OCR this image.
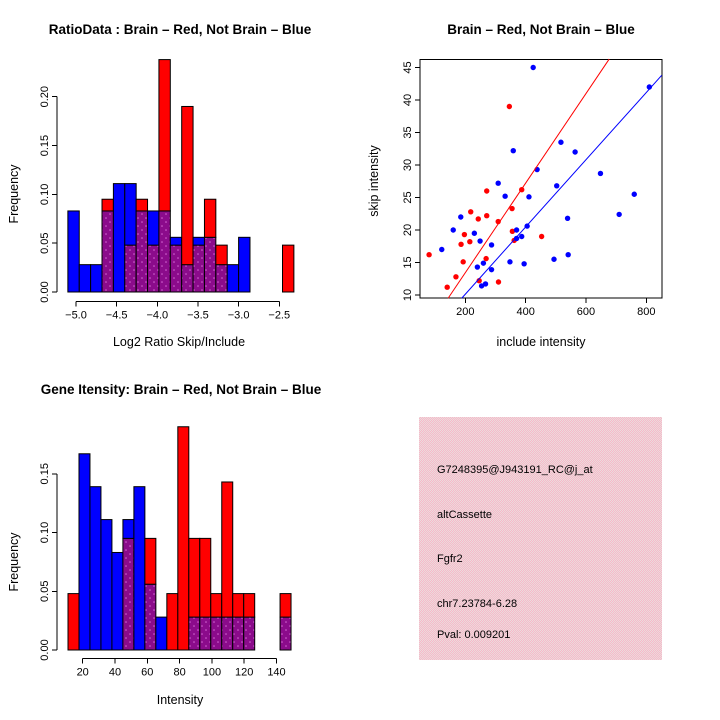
−5.0 −4.5 −4.0 −3.5 −3.0 −2.5
0.00
0.05
0.10
0.15
0.20
200	400	600	800
10
15
20
25
30
35
40
45
20 40 60 80 100 120 140
0.00
0.05
0.10
0.15
RatioData : Brain – Red, Not Brain – Blue	Brain – Red, Not Brain – Blue
Gene Itensity: Brain – Red, Not Brain – Blue
Log2 Ratio Skip/Include	include intensity
Intensity
Frequency	skip intensity
Frequency
G7248395@J943191_RC@j_at
altCassette
Fgfr2
chr7.23784-6.28
Pval: 0.009201
